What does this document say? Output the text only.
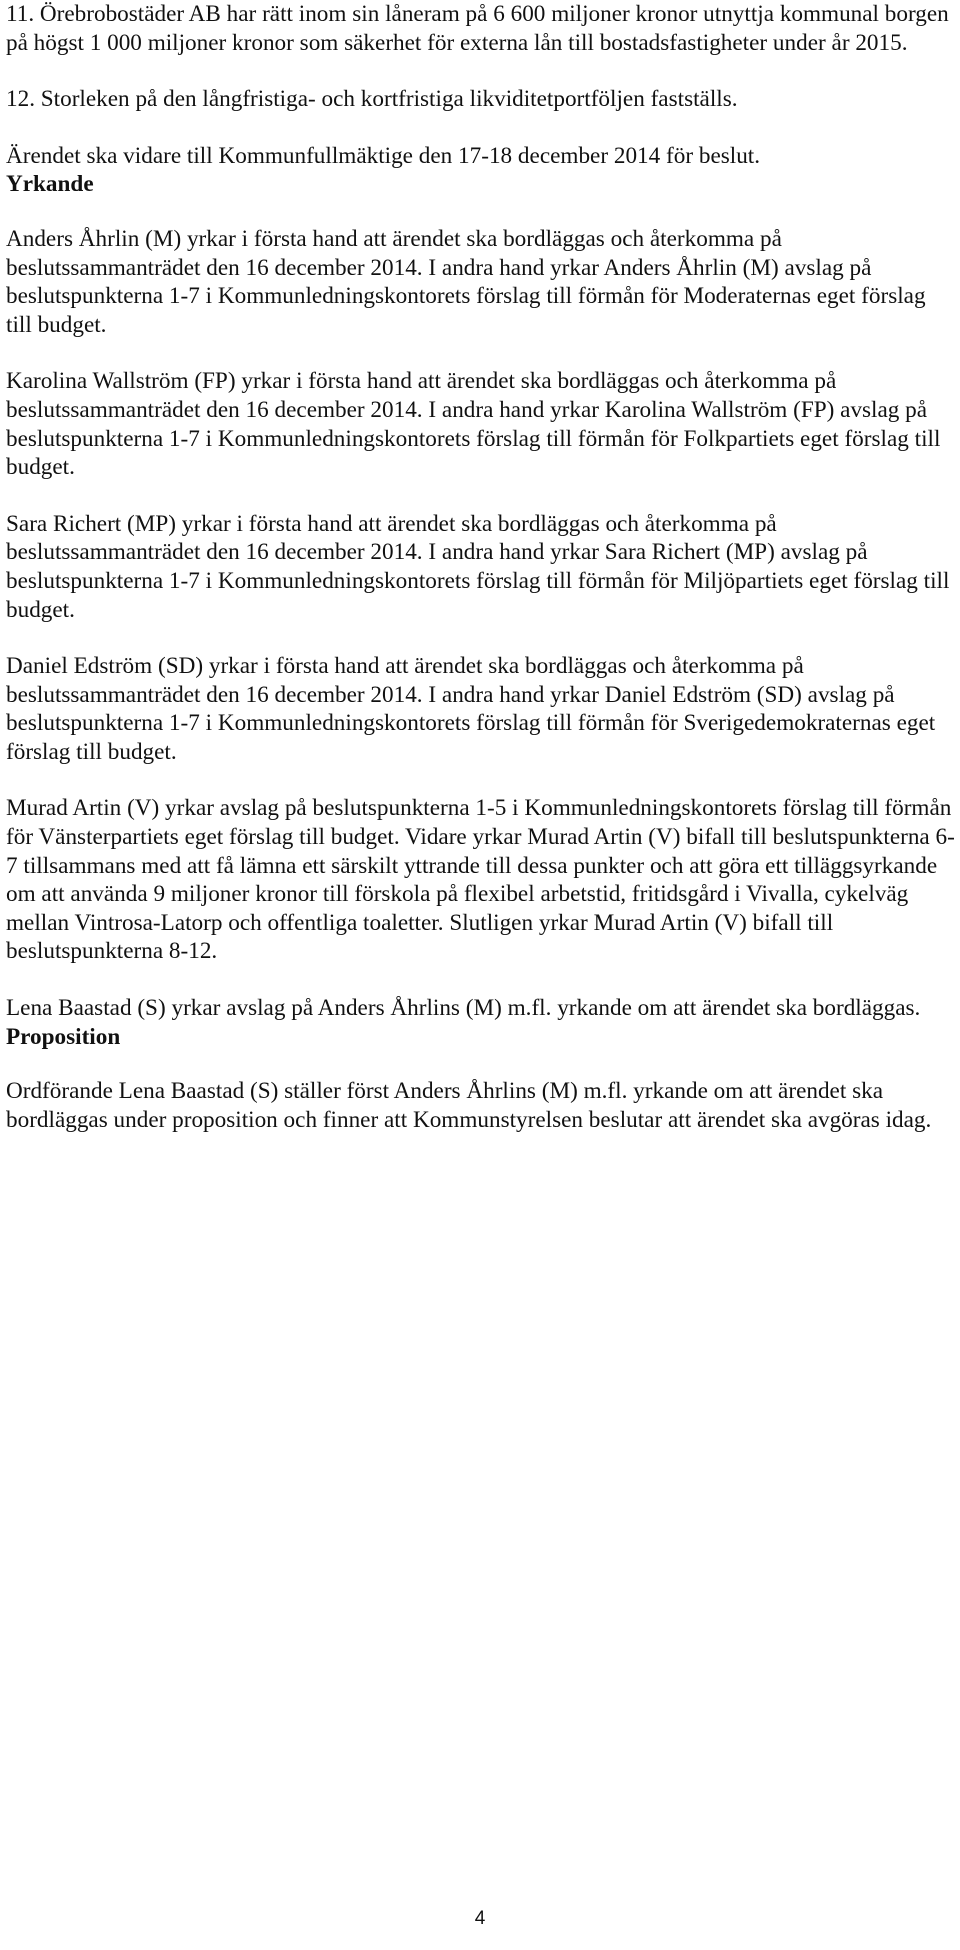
11. Örebrobostäder AB har rätt inom sin låneram på 6 600 miljoner kronor utnyttja kommunal borgen på högst 1 000 miljoner kronor som säkerhet för externa lån till bostadsfastigheter under år 2015.

12. Storleken på den långfristiga- och kortfristiga likviditetportföljen fastställs.

Ärendet ska vidare till Kommunfullmäktige den 17-18 december 2014 för beslut.

Yrkande

Anders Åhrlin (M) yrkar i första hand att ärendet ska bordläggas och återkomma på beslutssammanträdet den 16 december 2014. I andra hand yrkar Anders Åhrlin (M) avslag på beslutspunkterna 1-7 i Kommunledningskontorets förslag till förmån för Moderaternas eget förslag till budget.

Karolina Wallström (FP) yrkar i första hand att ärendet ska bordläggas och återkomma på beslutssammanträdet den 16 december 2014. I andra hand yrkar Karolina Wallström (FP) avslag på beslutspunkterna 1-7 i Kommunledningskontorets förslag till förmån för Folkpartiets eget förslag till budget.

Sara Richert (MP) yrkar i första hand att ärendet ska bordläggas och återkomma på beslutssammanträdet den 16 december 2014. I andra hand yrkar Sara Richert (MP) avslag på beslutspunkterna 1-7 i Kommunledningskontorets förslag till förmån för Miljöpartiets eget förslag till budget.

Daniel Edström (SD) yrkar i första hand att ärendet ska bordläggas och återkomma på beslutssammanträdet den 16 december 2014. I andra hand yrkar Daniel Edström (SD) avslag på beslutspunkterna 1-7 i Kommunledningskontorets förslag till förmån för Sverigedemokraternas eget förslag till budget.

Murad Artin (V) yrkar avslag på beslutspunkterna 1-5 i Kommunledningskontorets förslag till förmån för Vänsterpartiets eget förslag till budget. Vidare yrkar Murad Artin (V) bifall till beslutspunkterna 6-7 tillsammans med att få lämna ett särskilt yttrande till dessa punkter och att göra ett tilläggsyrkande om att använda 9 miljoner kronor till förskola på flexibel arbetstid, fritidsgård i Vivalla, cykelväg mellan Vintrosa-Latorp och offentliga toaletter. Slutligen yrkar Murad Artin (V) bifall till beslutspunkterna 8-12.

Lena Baastad (S) yrkar avslag på Anders Åhrlins (M) m.fl. yrkande om att ärendet ska bordläggas.

Proposition

Ordförande Lena Baastad (S) ställer först Anders Åhrlins (M) m.fl. yrkande om att ärendet ska bordläggas under proposition och finner att Kommunstyrelsen beslutar att ärendet ska avgöras idag.

4
